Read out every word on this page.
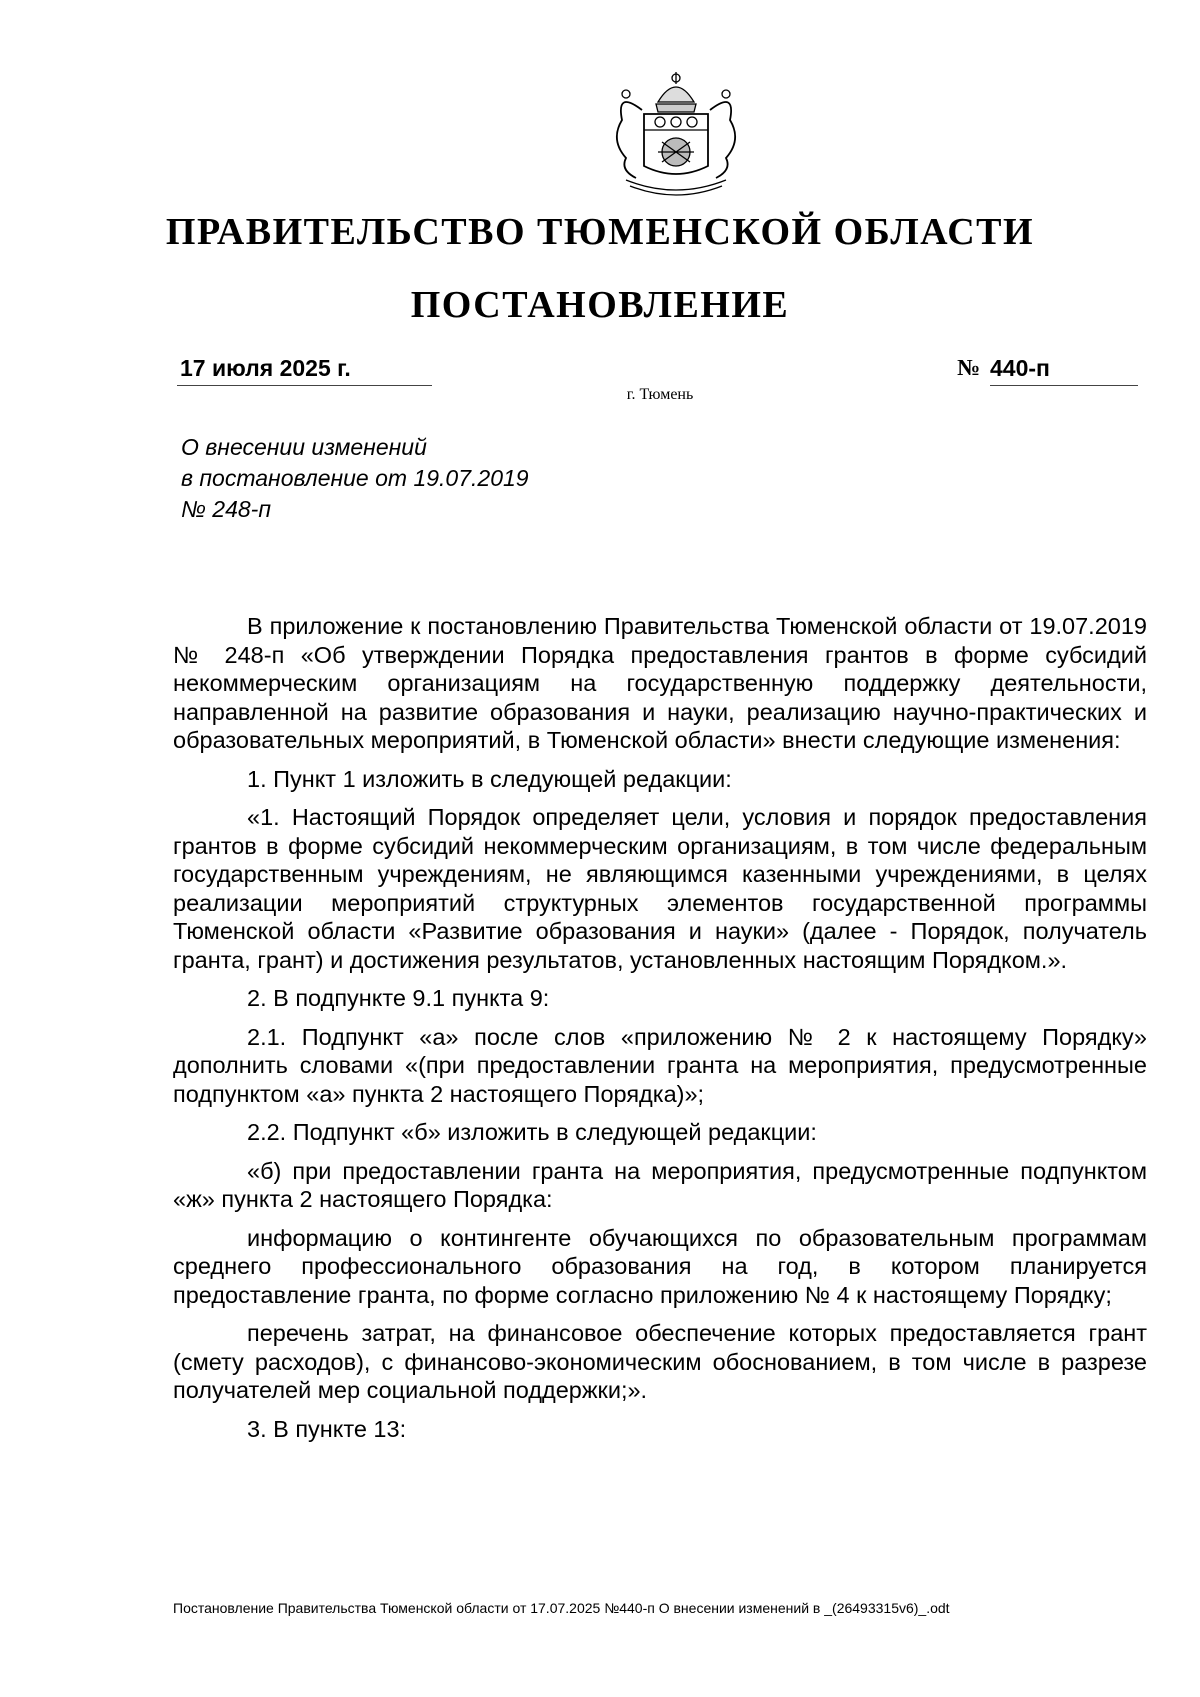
ПРАВИТЕЛЬСТВО ТЮМЕНСКОЙ ОБЛАСТИ
ПОСТАНОВЛЕНИЕ
17 июля 2025 г.	№ 440-п
г. Тюмень
О внесении изменений
в постановление от 19.07.2019
№ 248-п

В приложение к постановлению Правительства Тюменской области от 19.07.2019 № 248-п «Об утверждении Порядка предоставления грантов в форме субсидий некоммерческим организациям на государственную поддержку деятельности, направленной на развитие образования и науки, реализацию научно-практических и образовательных мероприятий, в Тюменской области» внести следующие изменения:

1. Пункт 1 изложить в следующей редакции:

«1. Настоящий Порядок определяет цели, условия и порядок предоставления грантов в форме субсидий некоммерческим организациям, в том числе федеральным государственным учреждениям, не являющимся казенными учреждениями, в целях реализации мероприятий структурных элементов государственной программы Тюменской области «Развитие образования и науки» (далее - Порядок, получатель гранта, грант) и достижения результатов, установленных настоящим Порядком.».

2. В подпункте 9.1 пункта 9:

2.1. Подпункт «а» после слов «приложению № 2 к настоящему Порядку» дополнить словами «(при предоставлении гранта на мероприятия, предусмотренные подпунктом «а» пункта 2 настоящего Порядка)»;

2.2. Подпункт «б» изложить в следующей редакции:

«б) при предоставлении гранта на мероприятия, предусмотренные подпунктом «ж» пункта 2 настоящего Порядка:

информацию о контингенте обучающихся по образовательным программам среднего профессионального образования на год, в котором планируется предоставление гранта, по форме согласно приложению № 4 к настоящему Порядку;

перечень затрат, на финансовое обеспечение которых предоставляется грант (смету расходов), с финансово-экономическим обоснованием, в том числе в разрезе получателей мер социальной поддержки;».

3. В пункте 13:

Постановление Правительства Тюменской области от 17.07.2025 №440-п О внесении изменений в _(26493315v6)_.odt
